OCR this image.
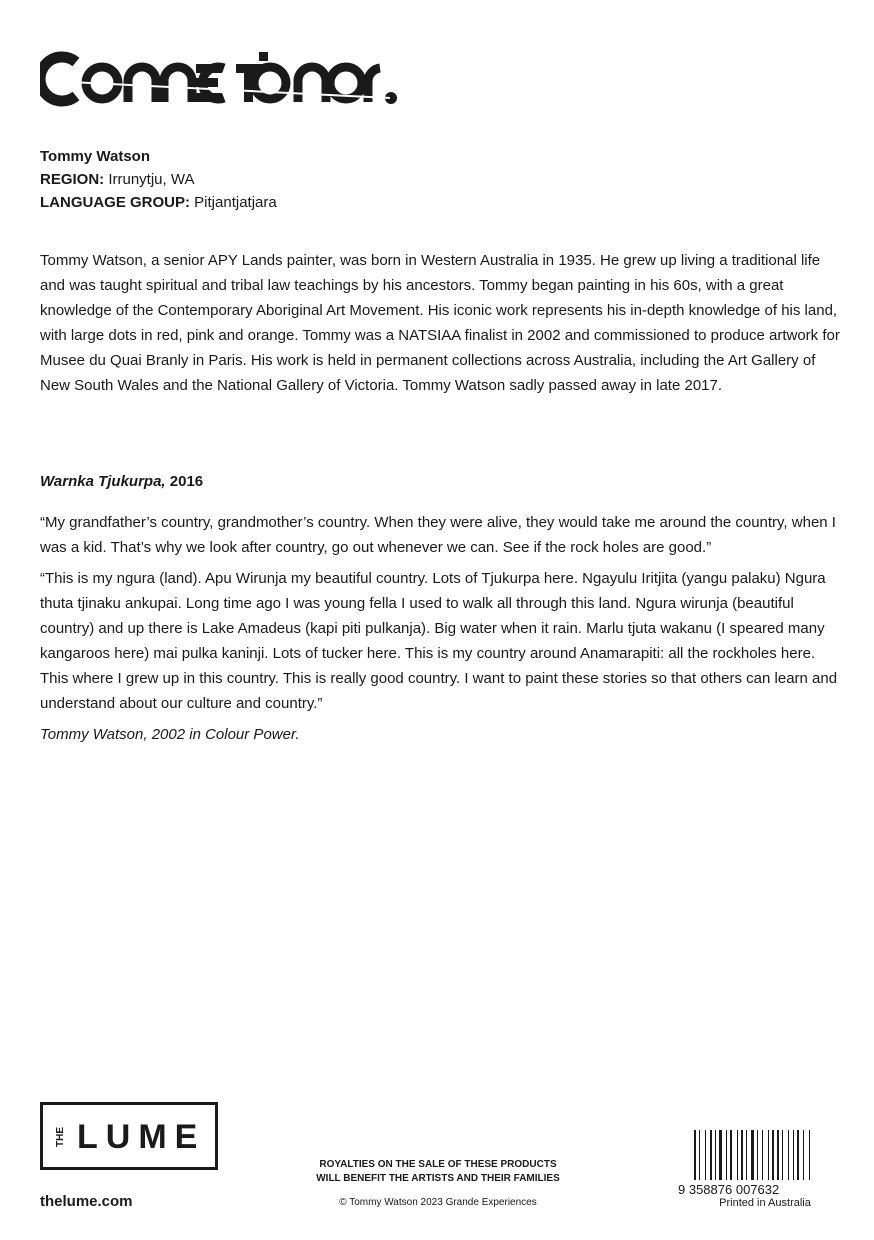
Tommy Watson
REGION: Irrunytju, WA
LANGUAGE GROUP: Pitjantjatjara

Tommy Watson, a senior APY Lands painter, was born in Western Australia in 1935. He grew up living a traditional life and was taught spiritual and tribal law teachings by his ancestors. Tommy began painting in his 60s, with a great knowledge of the Contemporary Aboriginal Art Movement. His iconic work represents his in-depth knowledge of his land, with large dots in red, pink and orange. Tommy was a NATSIAA finalist in 2002 and commissioned to produce artwork for Musee du Quai Branly in Paris. His work is held in permanent collections across Australia, including the Art Gallery of New South Wales and the National Gallery of Victoria. Tommy Watson sadly passed away in late 2017.

Warnka Tjukurpa, 2016

“My grandfather’s country, grandmother’s country. When they were alive, they would take me around the country, when I was a kid. That’s why we look after country, go out whenever we can. See if the rock holes are good.”

“This is my ngura (land). Apu Wirunja my beautiful country. Lots of Tjukurpa here. Ngayulu Iritjita (yangu palaku) Ngura thuta tjinaku ankupai. Long time ago I was young fella I used to walk all through this land. Ngura wirunja (beautiful country) and up there is Lake Amadeus (kapi piti pulkanja). Big water when it rain. Marlu tjuta wakanu (I speared many kangaroos here) mai pulka kaninji. Lots of tucker here. This is my country around Anamarapiti: all the rockholes here. This where I grew up in this country. This is really good country. I want to paint these stories so that others can learn and understand about our culture and country.”

Tommy Watson, 2002 in Colour Power.

THE LUME
thelume.com
ROYALTIES ON THE SALE OF THESE PRODUCTS
WILL BENEFIT THE ARTISTS AND THEIR FAMILIES
© Tommy Watson 2023 Grande Experiences
9 358876 007632
Printed in Australia
